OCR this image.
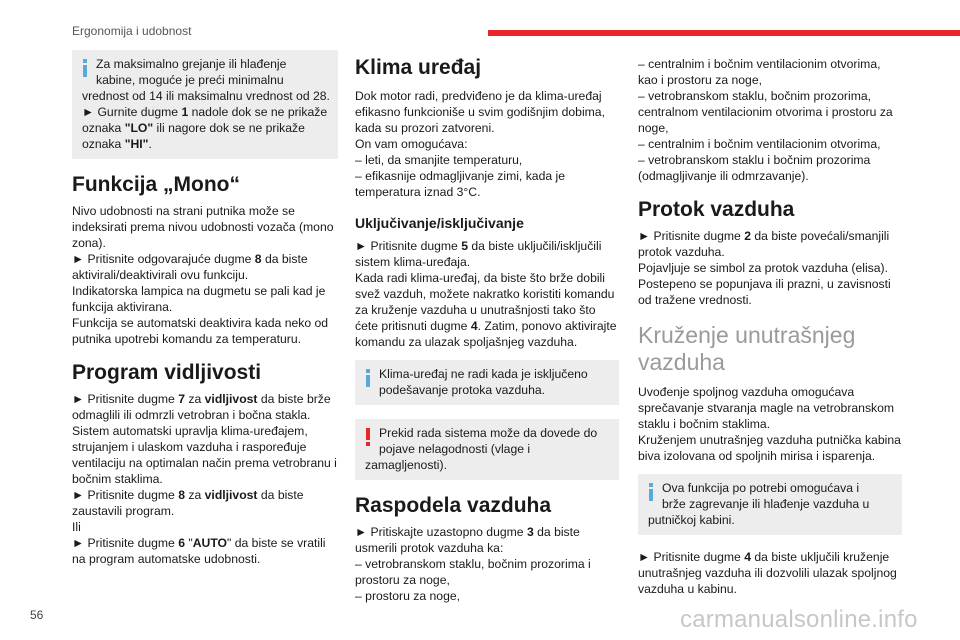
Ergonomija i udobnost

Za maksimalno grejanje ili hlađenje

kabine, moguće je preći minimalnu

vrednost od 14 ili maksimalnu vrednost od 28.

► Gurnite dugme 1 nadole dok se ne prikaže

oznaka "LO" ili nagore dok se ne prikaže

oznaka "HI".

Funkcija „Mono“

Nivo udobnosti na strani putnika može se

indeksirati prema nivou udobnosti vozača (mono

zona).

► Pritisnite odgovarajuće dugme 8 da biste

aktivirali/deaktivirali ovu funkciju.

Indikatorska lampica na dugmetu se pali kad je

funkcija aktivirana.

Funkcija se automatski deaktivira kada neko od

putnika upotrebi komandu za temperaturu.

Program vidljivosti

► Pritisnite dugme 7 za vidljivost da biste brže

odmaglili ili odmrzli vetrobran i bočna stakla.

Sistem automatski upravlja klima-uređajem,

strujanjem i ulaskom vazduha i raspoređuje

ventilaciju na optimalan način prema vetrobranu i

bočnim staklima.

► Pritisnite dugme 8 za vidljivost da biste

zaustavili program.

Ili

► Pritisnite dugme 6 "AUTO" da biste se vratili

na program automatske udobnosti.

Klima uređaj

Dok motor radi, predviđeno je da klima-uređaj

efikasno funkcioniše u svim godišnjim dobima,

kada su prozori zatvoreni.

On vam omogućava:

– leti, da smanjite temperaturu,

– efikasnije odmagljivanje zimi, kada je

temperatura iznad 3°C.

Uključivanje/isključivanje

► Pritisnite dugme 5 da biste uključili/isključili

sistem klima-uređaja.

Kada radi klima-uređaj, da biste što brže dobili

svež vazduh, možete nakratko koristiti komandu

za kruženje vazduha u unutrašnjosti tako što

ćete pritisnuti dugme 4. Zatim, ponovo aktivirajte

komandu za ulazak spoljašnjeg vazduha.

Klima-uređaj ne radi kada je isključeno

podešavanje protoka vazduha.

Prekid rada sistema može da dovede do

pojave nelagodnosti (vlage i

zamagljenosti).

Raspodela vazduha

► Pritiskajte uzastopno dugme 3 da biste

usmerili protok vazduha ka:

– vetrobranskom staklu, bočnim prozorima i

prostoru za noge,

– prostoru za noge,

– centralnim i bočnim ventilacionim otvorima,

kao i prostoru za noge,

– vetrobranskom staklu, bočnim prozorima,

centralnom ventilacionim otvorima i prostoru za

noge,

– centralnim i bočnim ventilacionim otvorima,

– vetrobranskom staklu i bočnim prozorima

(odmagljivanje ili odmrzavanje).

Protok vazduha

► Pritisnite dugme 2 da biste povećali/smanjili

protok vazduha.

Pojavljuje se simbol za protok vazduha (elisa).

Postepeno se popunjava ili prazni, u zavisnosti

od tražene vrednosti.

Kruženje unutrašnjeg
vazduha

Uvođenje spoljnog vazduha omogućava

sprečavanje stvaranja magle na vetrobranskom

staklu i bočnim staklima.

Kruženjem unutrašnjeg vazduha putnička kabina

biva izolovana od spoljnih mirisa i isparenja.

Ova funkcija po potrebi omogućava i

brže zagrevanje ili hlađenje vazduha u

putničkoj kabini.

► Pritisnite dugme 4 da biste uključili kruženje

unutrašnjeg vazduha ili dozvolili ulazak spoljnog

vazduha u kabinu.

56	carmanualsonline.info
